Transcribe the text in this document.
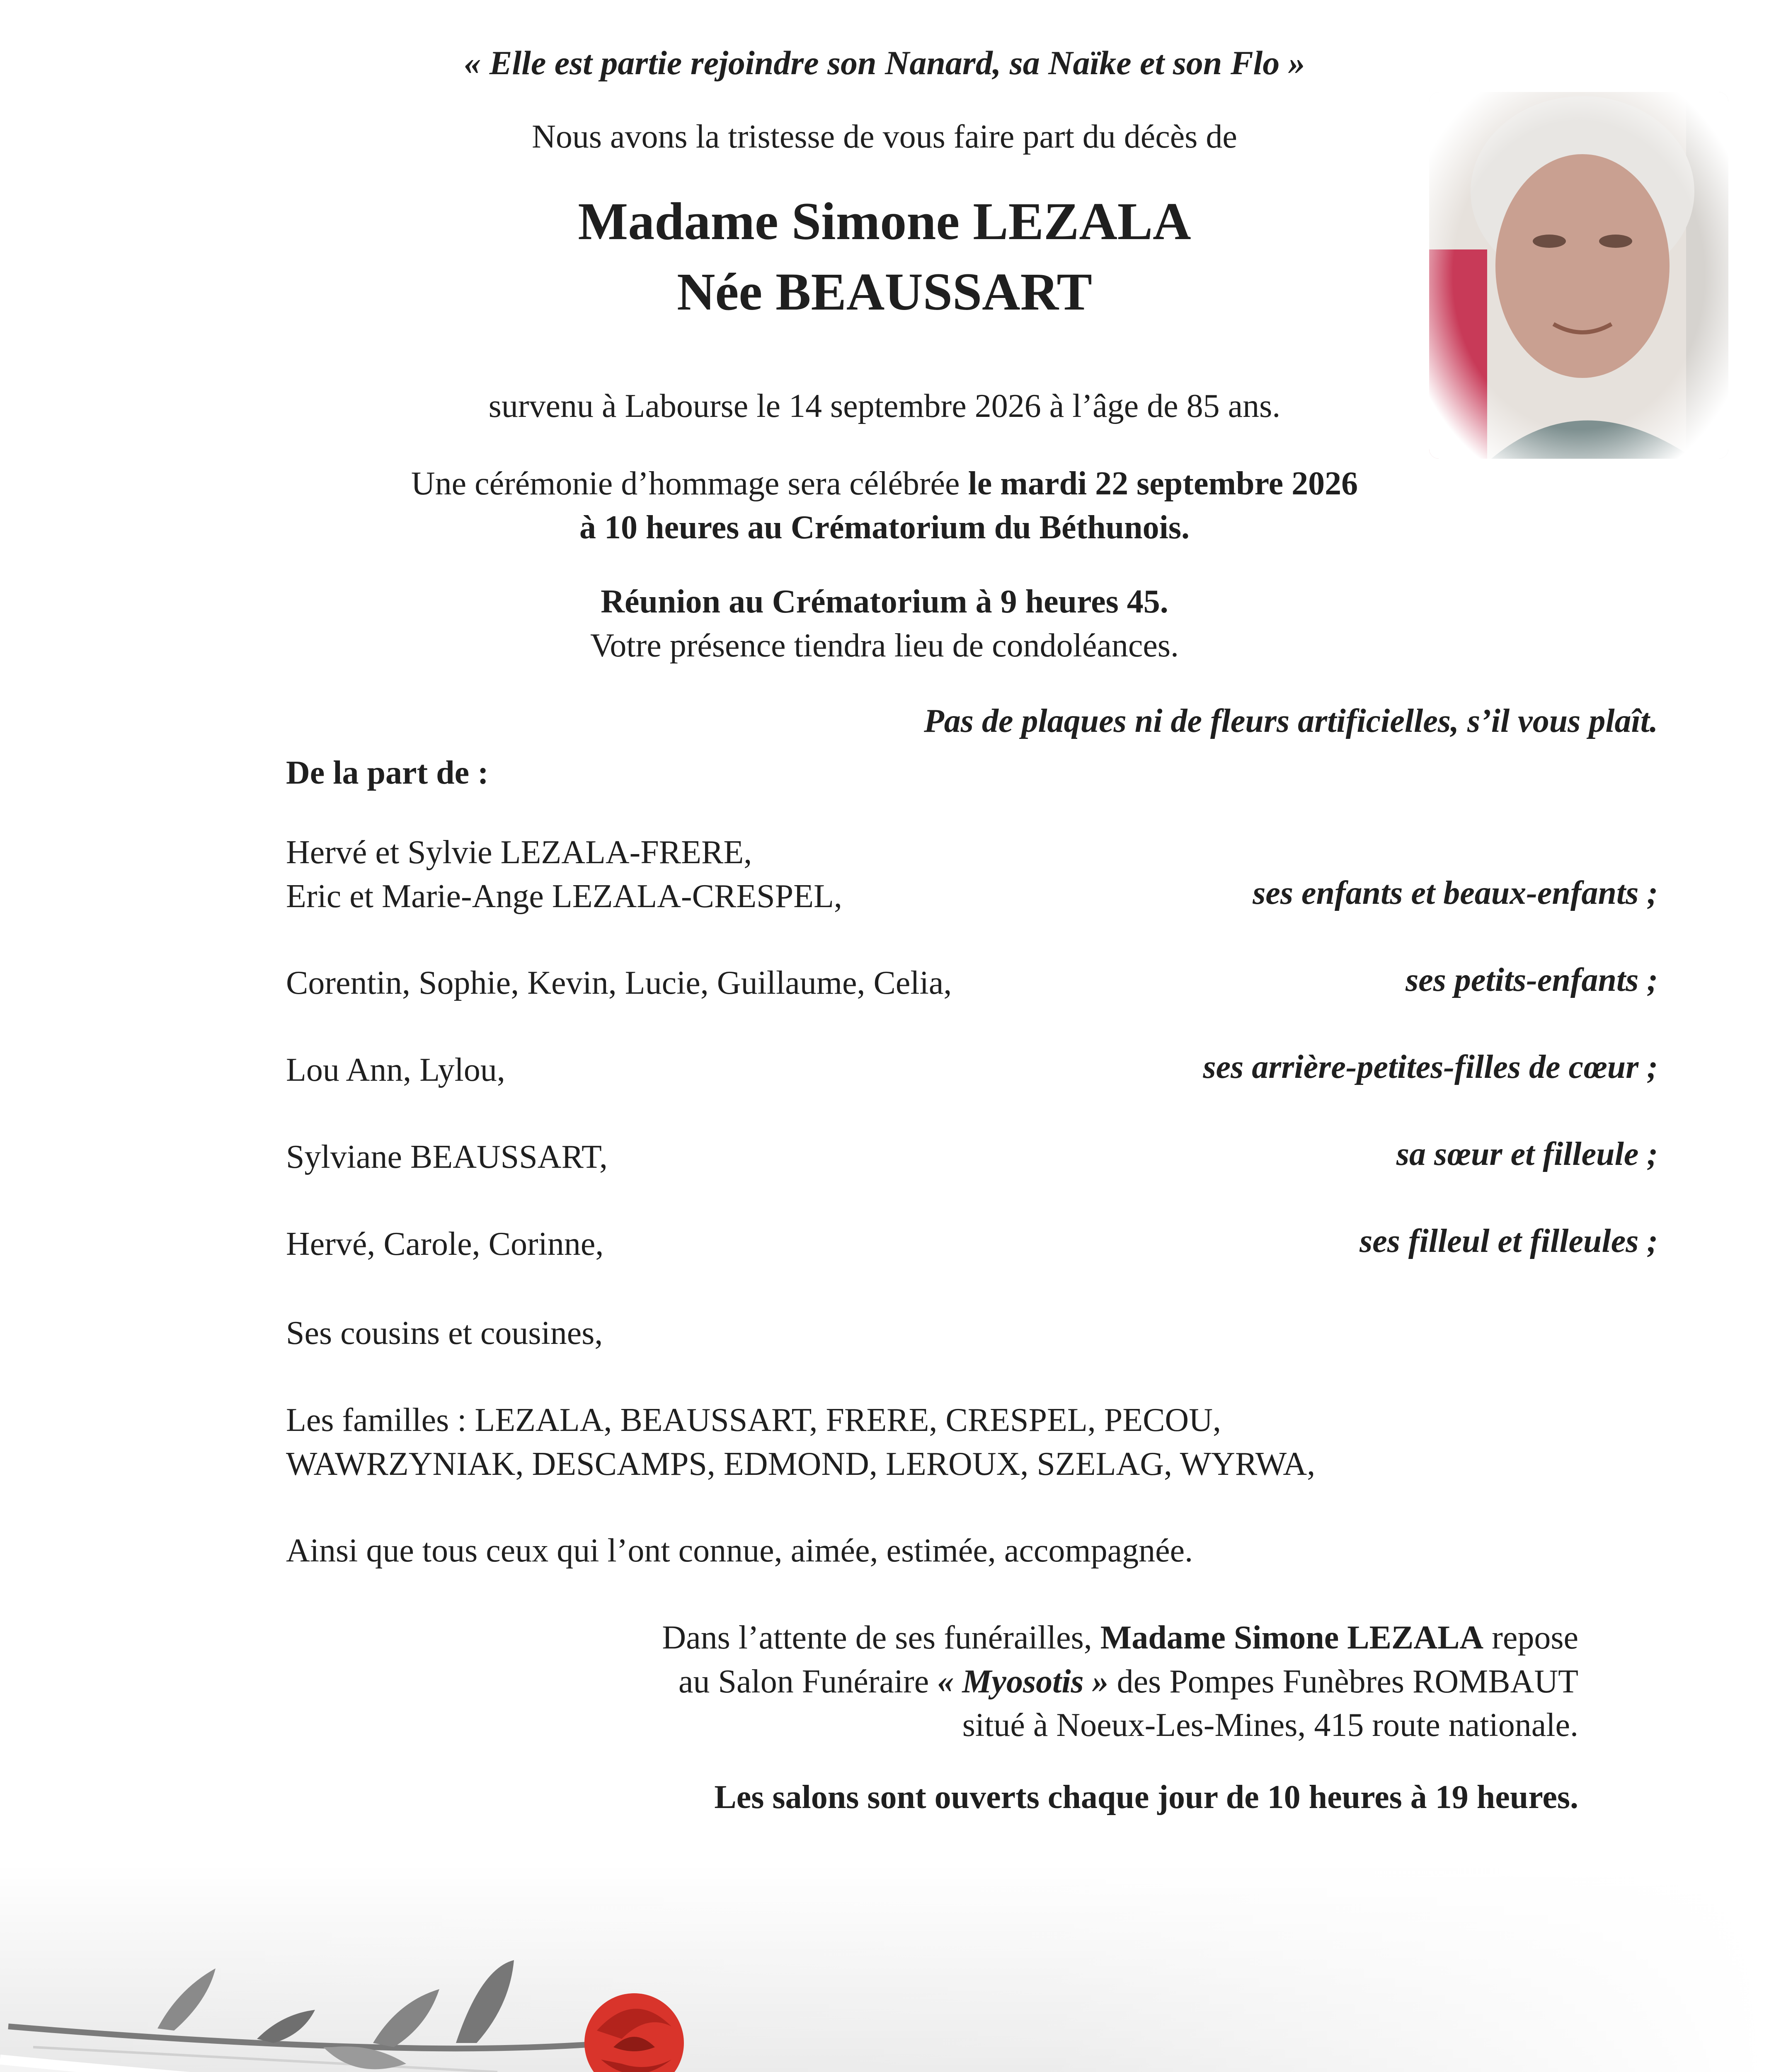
« Elle est partie rejoindre son Nanard, sa Naïke et son Flo »
Nous avons la tristesse de vous faire part du décès de
Madame Simone LEZALA
Née BEAUSSART
survenu à Labourse le 14 septembre 2026 à l’âge de 85 ans.
Une cérémonie d’hommage sera célébrée le mardi 22 septembre 2026
à 10 heures au Crématorium du Béthunois.
Réunion au Crématorium à 9 heures 45.
Votre présence tiendra lieu de condoléances.
Pas de plaques ni de fleurs artificielles, s’il vous plaît.
De la part de :
Hervé et Sylvie LEZALA-FRERE,
Eric et Marie-Ange LEZALA-CRESPEL,	ses enfants et beaux-enfants ;
Corentin, Sophie, Kevin, Lucie, Guillaume, Celia,	ses petits-enfants ;
Lou Ann, Lylou,	ses arrière-petites-filles de cœur ;
Sylviane BEAUSSART,	sa sœur et filleule ;
Hervé, Carole, Corinne,	ses filleul et filleules ;
Ses cousins et cousines,
Les familles : LEZALA, BEAUSSART, FRERE, CRESPEL, PECOU,
WAWRZYNIAK, DESCAMPS, EDMOND, LEROUX, SZELAG, WYRWA,
Ainsi que tous ceux qui l’ont connue, aimée, estimée, accompagnée.
Dans l’attente de ses funérailles, Madame Simone LEZALA repose
au Salon Funéraire « Myosotis » des Pompes Funèbres ROMBAUT
situé à Noeux-Les-Mines, 415 route nationale.
Les salons sont ouverts chaque jour de 10 heures à 19 heures.
